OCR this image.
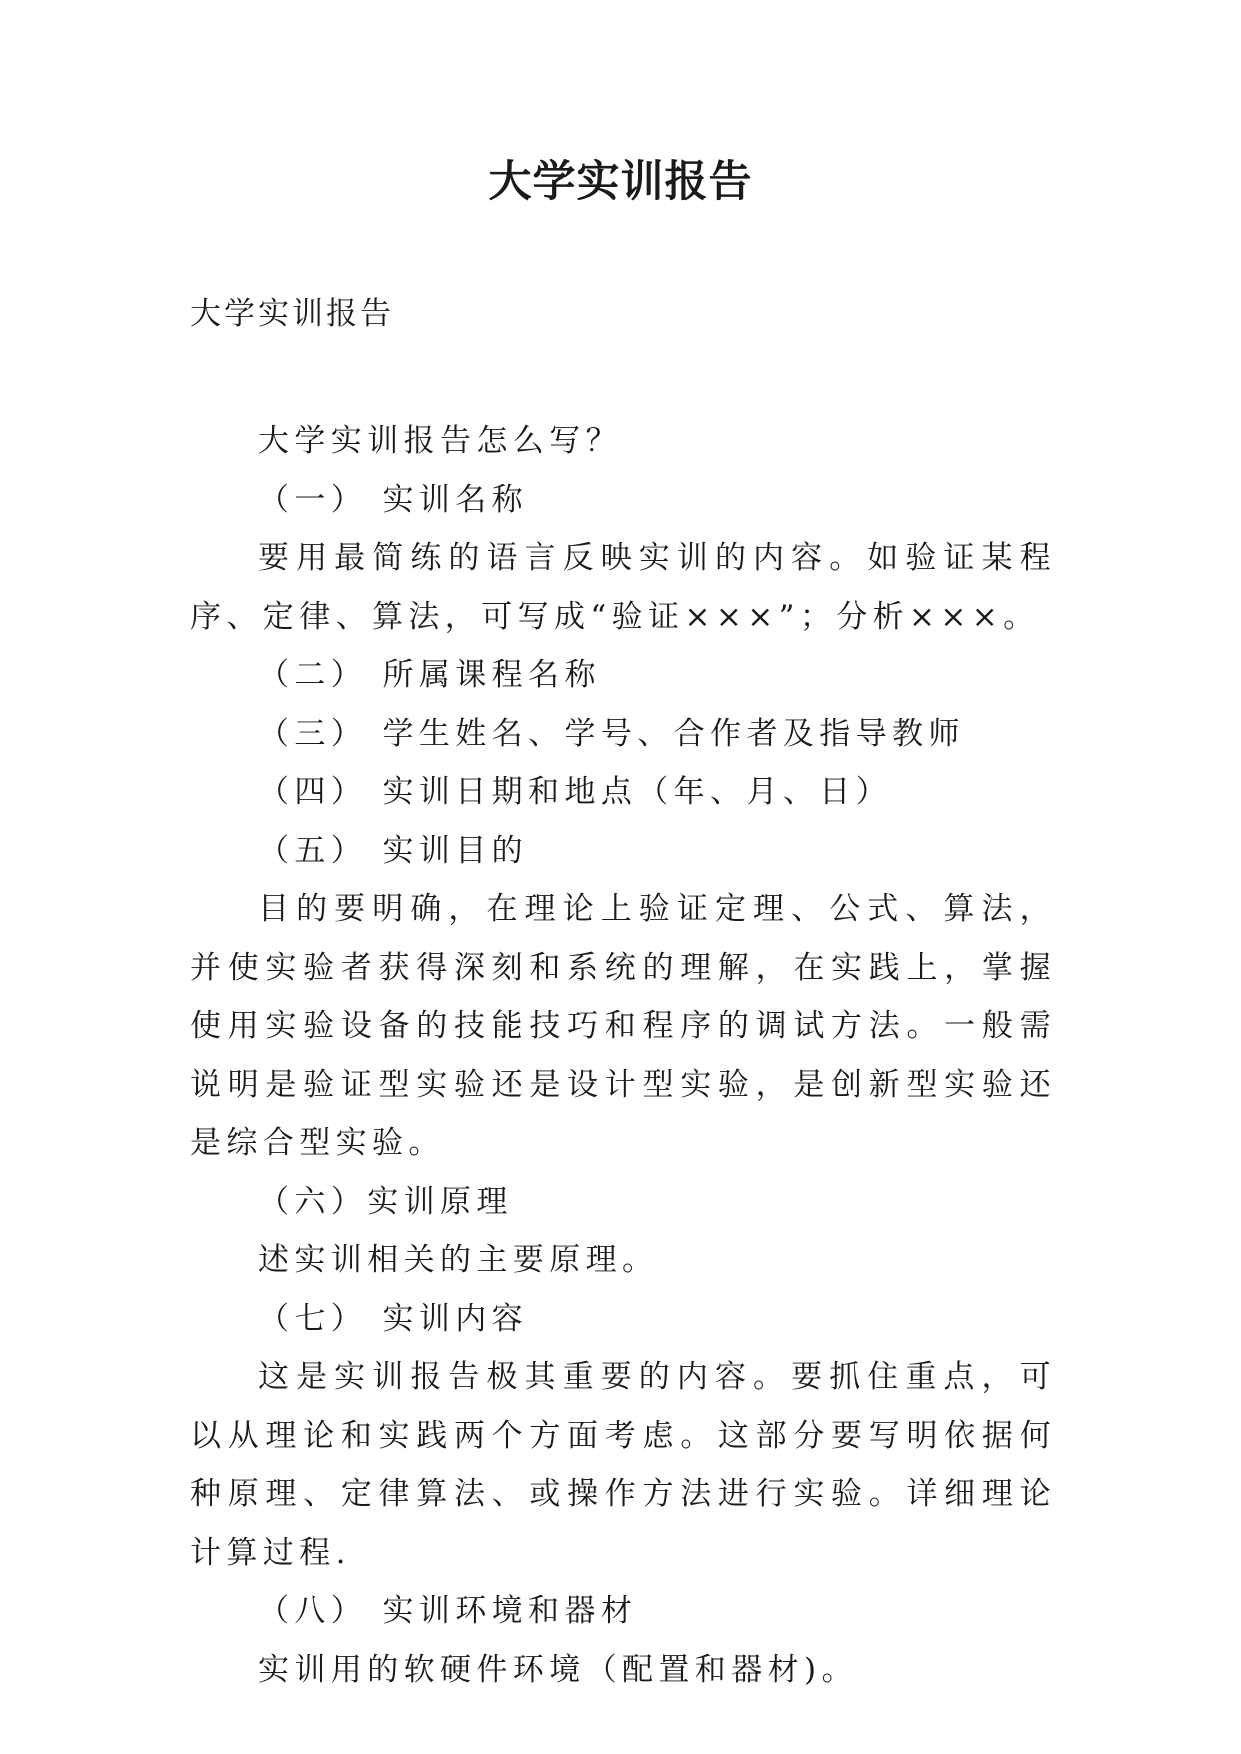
大学实训报告
大学实训报告

大学实训报告怎么写？

（一） 实训名称

要用最简练的语言反映实训的内容。如验证某程序、定律、算法，可写成“验证×××”；分析×××。

（二） 所属课程名称

（三） 学生姓名、学号、合作者及指导教师

（四） 实训日期和地点（年、月、日）

（五） 实训目的

目的要明确，在理论上验证定理、公式、算法，并使实验者获得深刻和系统的理解，在实践上，掌握使用实验设备的技能技巧和程序的调试方法。一般需说明是验证型实验还是设计型实验，是创新型实验还是综合型实验。

（六）实训原理

述实训相关的主要原理。

（七） 实训内容

这是实训报告极其重要的内容。要抓住重点，可以从理论和实践两个方面考虑。这部分要写明依据何种原理、定律算法、或操作方法进行实验。详细理论计算过程.

（八） 实训环境和器材

实训用的软硬件环境（配置和器材)。
